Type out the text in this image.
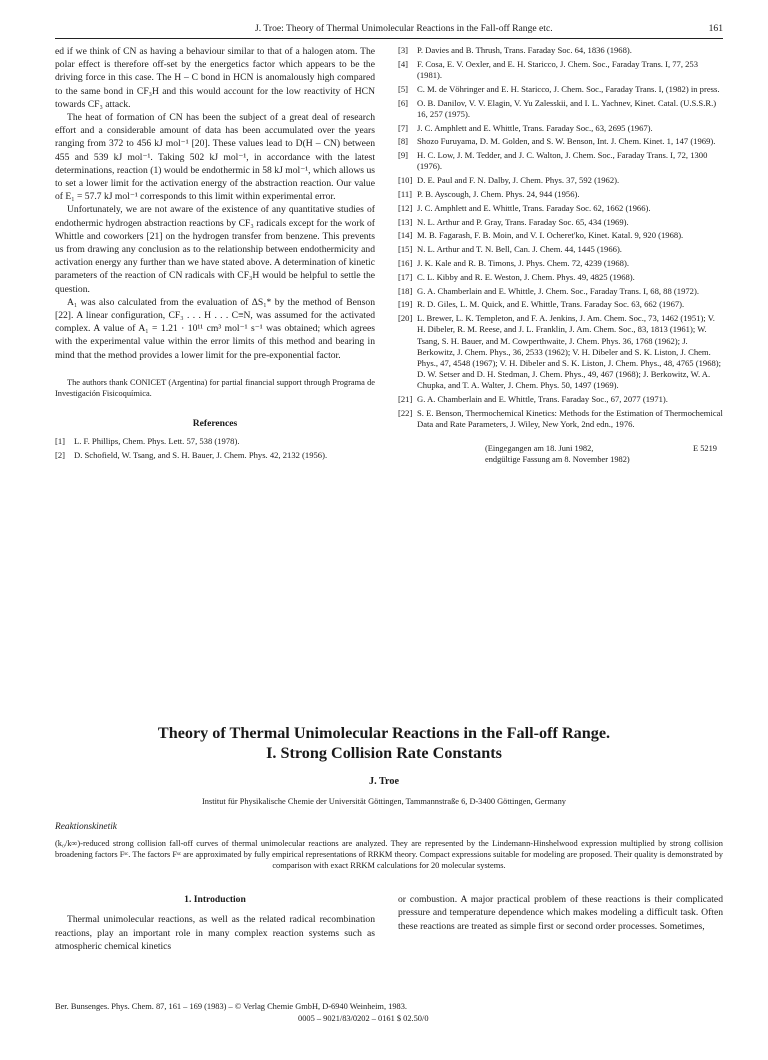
J. Troe: Theory of Thermal Unimolecular Reactions in the Fall-off Range etc.	161

ed if we think of CN as having a behaviour similar to that of a halogen atom. The polar effect is therefore off-set by the energetics factor which appears to be the driving force in this case. The H – C bond in HCN is anomalously high compared to the same bond in CF₃H and this would account for the low reactivity of HCN towards CF₃ attack.

The heat of formation of CN has been the subject of a great deal of research effort and a considerable amount of data has been accumulated over the years ranging from 372 to 456 kJ mol⁻¹ [20]. These values lead to D(H – CN) between 455 and 539 kJ mol⁻¹. Taking 502 kJ mol⁻¹, in accordance with the latest determinations, reaction (1) would be endothermic in 58 kJ mol⁻¹, which allows us to set a lower limit for the activation energy of the abstraction reaction. Our value of E₁ = 57.7 kJ mol⁻¹ corresponds to this limit within experimental error.

Unfortunately, we are not aware of the existence of any quantitative studies of endothermic hydrogen abstraction reactions by CF₃ radicals except for the work of Whittle and coworkers [21] on the hydrogen transfer from benzene. This prevents us from drawing any conclusion as to the relationship between endothermicity and activation energy any further than we have stated above. A determination of kinetic parameters of the reaction of CN radicals with CF₃H would be helpful to settle the question.

A₁ was also calculated from the evaluation of ΔS₁* by the method of Benson [22]. A linear configuration, CF₃ . . . H . . . C≡N, was assumed for the activated complex. A value of A₁ = 1.21 · 10¹¹ cm³ mol⁻¹ s⁻¹ was obtained; which agrees with the experimental value within the error limits of this method and bearing in mind that the method provides a lower limit for the pre-exponential factor.

The authors thank CONICET (Argentina) for partial financial support through Programa de Investigación Fisicoquímica.

References
[1] L. F. Phillips, Chem. Phys. Lett. 57, 538 (1978).
[2] D. Schofield, W. Tsang, and S. H. Bauer, J. Chem. Phys. 42, 2132 (1956).
[3] P. Davies and B. Thrush, Trans. Faraday Soc. 64, 1836 (1968).
[4] F. Cosa, E. V. Oexler, and E. H. Staricco, J. Chem. Soc., Faraday Trans. I, 77, 253 (1981).
[5] C. M. de Vöhringer and E. H. Staricco, J. Chem. Soc., Faraday Trans. I, (1982) in press.
[6] O. B. Danilov, V. V. Elagin, V. Yu Zalesskii, and I. L. Yachnev, Kinet. Catal. (U.S.S.R.) 16, 257 (1975).
[7] J. C. Amphlett and E. Whittle, Trans. Faraday Soc., 63, 2695 (1967).
[8] Shozo Furuyama, D. M. Golden, and S. W. Benson, Int. J. Chem. Kinet. 1, 147 (1969).
[9] H. C. Low, J. M. Tedder, and J. C. Walton, J. Chem. Soc., Faraday Trans. I, 72, 1300 (1976).
[10] D. E. Paul and F. N. Dalby, J. Chem. Phys. 37, 592 (1962).
[11] P. B. Ayscough, J. Chem. Phys. 24, 944 (1956).
[12] J. C. Amphlett and E. Whittle, Trans. Faraday Soc. 62, 1662 (1966).
[13] N. L. Arthur and P. Gray, Trans. Faraday Soc. 65, 434 (1969).
[14] M. B. Fagarash, F. B. Moin, and V. I. Ocheret'ko, Kinet. Katal. 9, 920 (1968).
[15] N. L. Arthur and T. N. Bell, Can. J. Chem. 44, 1445 (1966).
[16] J. K. Kale and R. B. Timons, J. Phys. Chem. 72, 4239 (1968).
[17] C. L. Kibby and R. E. Weston, J. Chem. Phys. 49, 4825 (1968).
[18] G. A. Chamberlain and E. Whittle, J. Chem. Soc., Faraday Trans. I, 68, 88 (1972).
[19] R. D. Giles, L. M. Quick, and E. Whittle, Trans. Faraday Soc. 63, 662 (1967).
[20] L. Brewer, L. K. Templeton, and F. A. Jenkins, J. Am. Chem. Soc., 73, 1462 (1951); V. H. Dibeler, R. M. Reese, and J. L. Franklin, J. Am. Chem. Soc., 83, 1813 (1961); W. Tsang, S. H. Bauer, and M. Cowperthwaite, J. Chem. Phys. 36, 1768 (1962); J. Berkowitz, J. Chem. Phys., 36, 2533 (1962); V. H. Dibeler and S. K. Liston, J. Chem. Phys., 47, 4548 (1967); V. H. Dibeler and S. K. Liston, J. Chem. Phys., 48, 4765 (1968); D. W. Setser and D. H. Stedman, J. Chem. Phys., 49, 467 (1968); J. Berkowitz, W. A. Chupka, and T. A. Walter, J. Chem. Phys. 50, 1497 (1969).
[21] G. A. Chamberlain and E. Whittle, Trans. Faraday Soc., 67, 2077 (1971).
[22] S. E. Benson, Thermochemical Kinetics: Methods for the Estimation of Thermochemical Data and Rate Parameters, J. Wiley, New York, 2nd edn., 1976.
(Eingegangen am 18. Juni 1982,
endgültige Fassung am 8. November 1982)
E 5219

Theory of Thermal Unimolecular Reactions in the Fall-off Range.

I. Strong Collision Rate Constants

J. Troe
Institut für Physikalische Chemie der Universität Göttingen, Tammannstraße 6, D-3400 Göttingen, Germany
Reaktionskinetik
(k₀/k∞)-reduced strong collision fall-off curves of thermal unimolecular reactions are analyzed. They are represented by the Lindemann-Hinshelwood expression multiplied by strong collision broadening factors Fˢᶜ. The factors Fˢᶜ are approximated by fully empirical representations of RRKM theory. Compact expressions suitable for modeling are proposed. Their quality is demonstrated by comparison with exact RRKM calculations for 20 molecular systems.
1. Introduction

Thermal unimolecular reactions, as well as the related radical recombination reactions, play an important role in many complex reaction systems such as atmospheric chemical kinetics

or combustion. A major practical problem of these reactions is their complicated pressure and temperature dependence which makes modeling a difficult task. Often these reactions are treated as simple first or second order processes. Sometimes,

Ber. Bunsenges. Phys. Chem. 87, 161 – 169 (1983) – © Verlag Chemie GmbH, D-6940 Weinheim, 1983.
0005 – 9021/83/0202 – 0161 $ 02.50/0
